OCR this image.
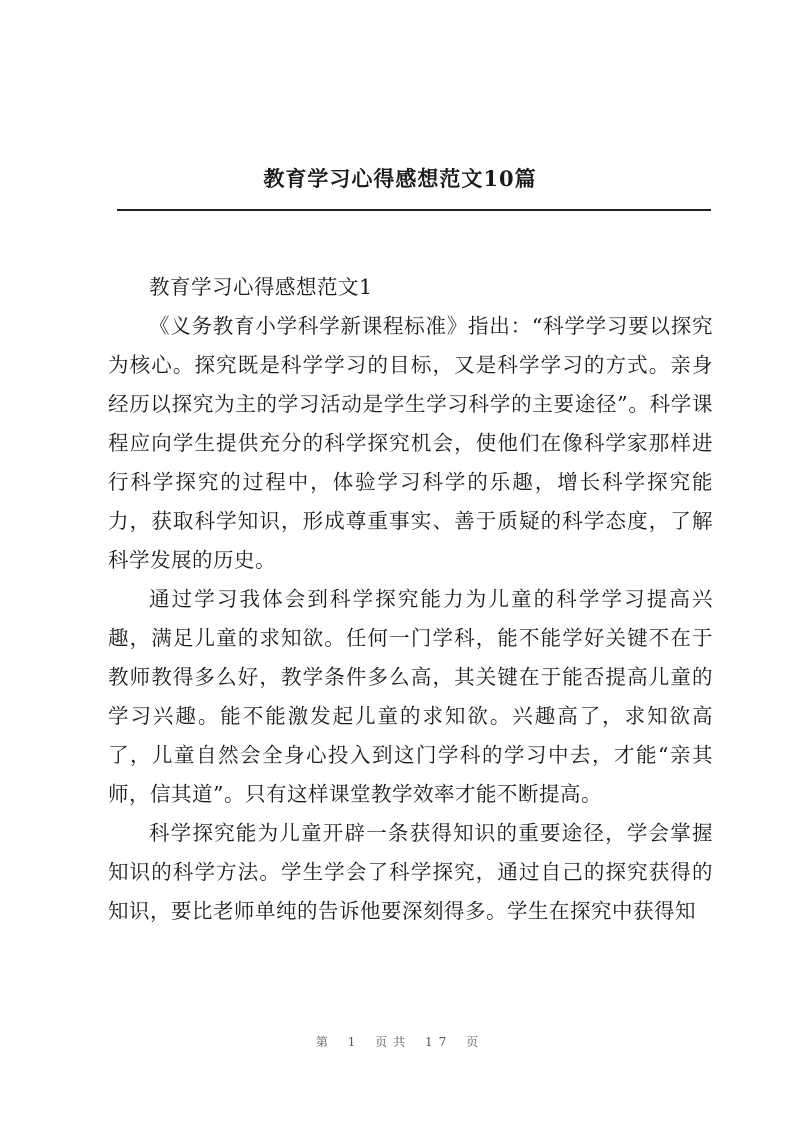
教育学习心得感想范文10篇

教育学习心得感想范文1

《义务教育小学科学新课程标准》指出：“科学学习要以探究为核心。探究既是科学学习的目标，又是科学学习的方式。亲身经历以探究为主的学习活动是学生学习科学的主要途径”。科学课程应向学生提供充分的科学探究机会，使他们在像科学家那样进行科学探究的过程中，体验学习科学的乐趣，增长科学探究能力，获取科学知识，形成尊重事实、善于质疑的科学态度，了解科学发展的历史。

通过学习我体会到科学探究能力为儿童的科学学习提高兴趣，满足儿童的求知欲。任何一门学科，能不能学好关键不在于教师教得多么好，教学条件多么高，其关键在于能否提高儿童的学习兴趣。能不能激发起儿童的求知欲。兴趣高了，求知欲高了，儿童自然会全身心投入到这门学科的学习中去，才能“亲其师，信其道”。只有这样课堂教学效率才能不断提高。

科学探究能为儿童开辟一条获得知识的重要途径，学会掌握知识的科学方法。学生学会了科学探究，通过自己的探究获得的知识，要比老师单纯的告诉他要深刻得多。学生在探究中获得知

第 1 页共 17 页
